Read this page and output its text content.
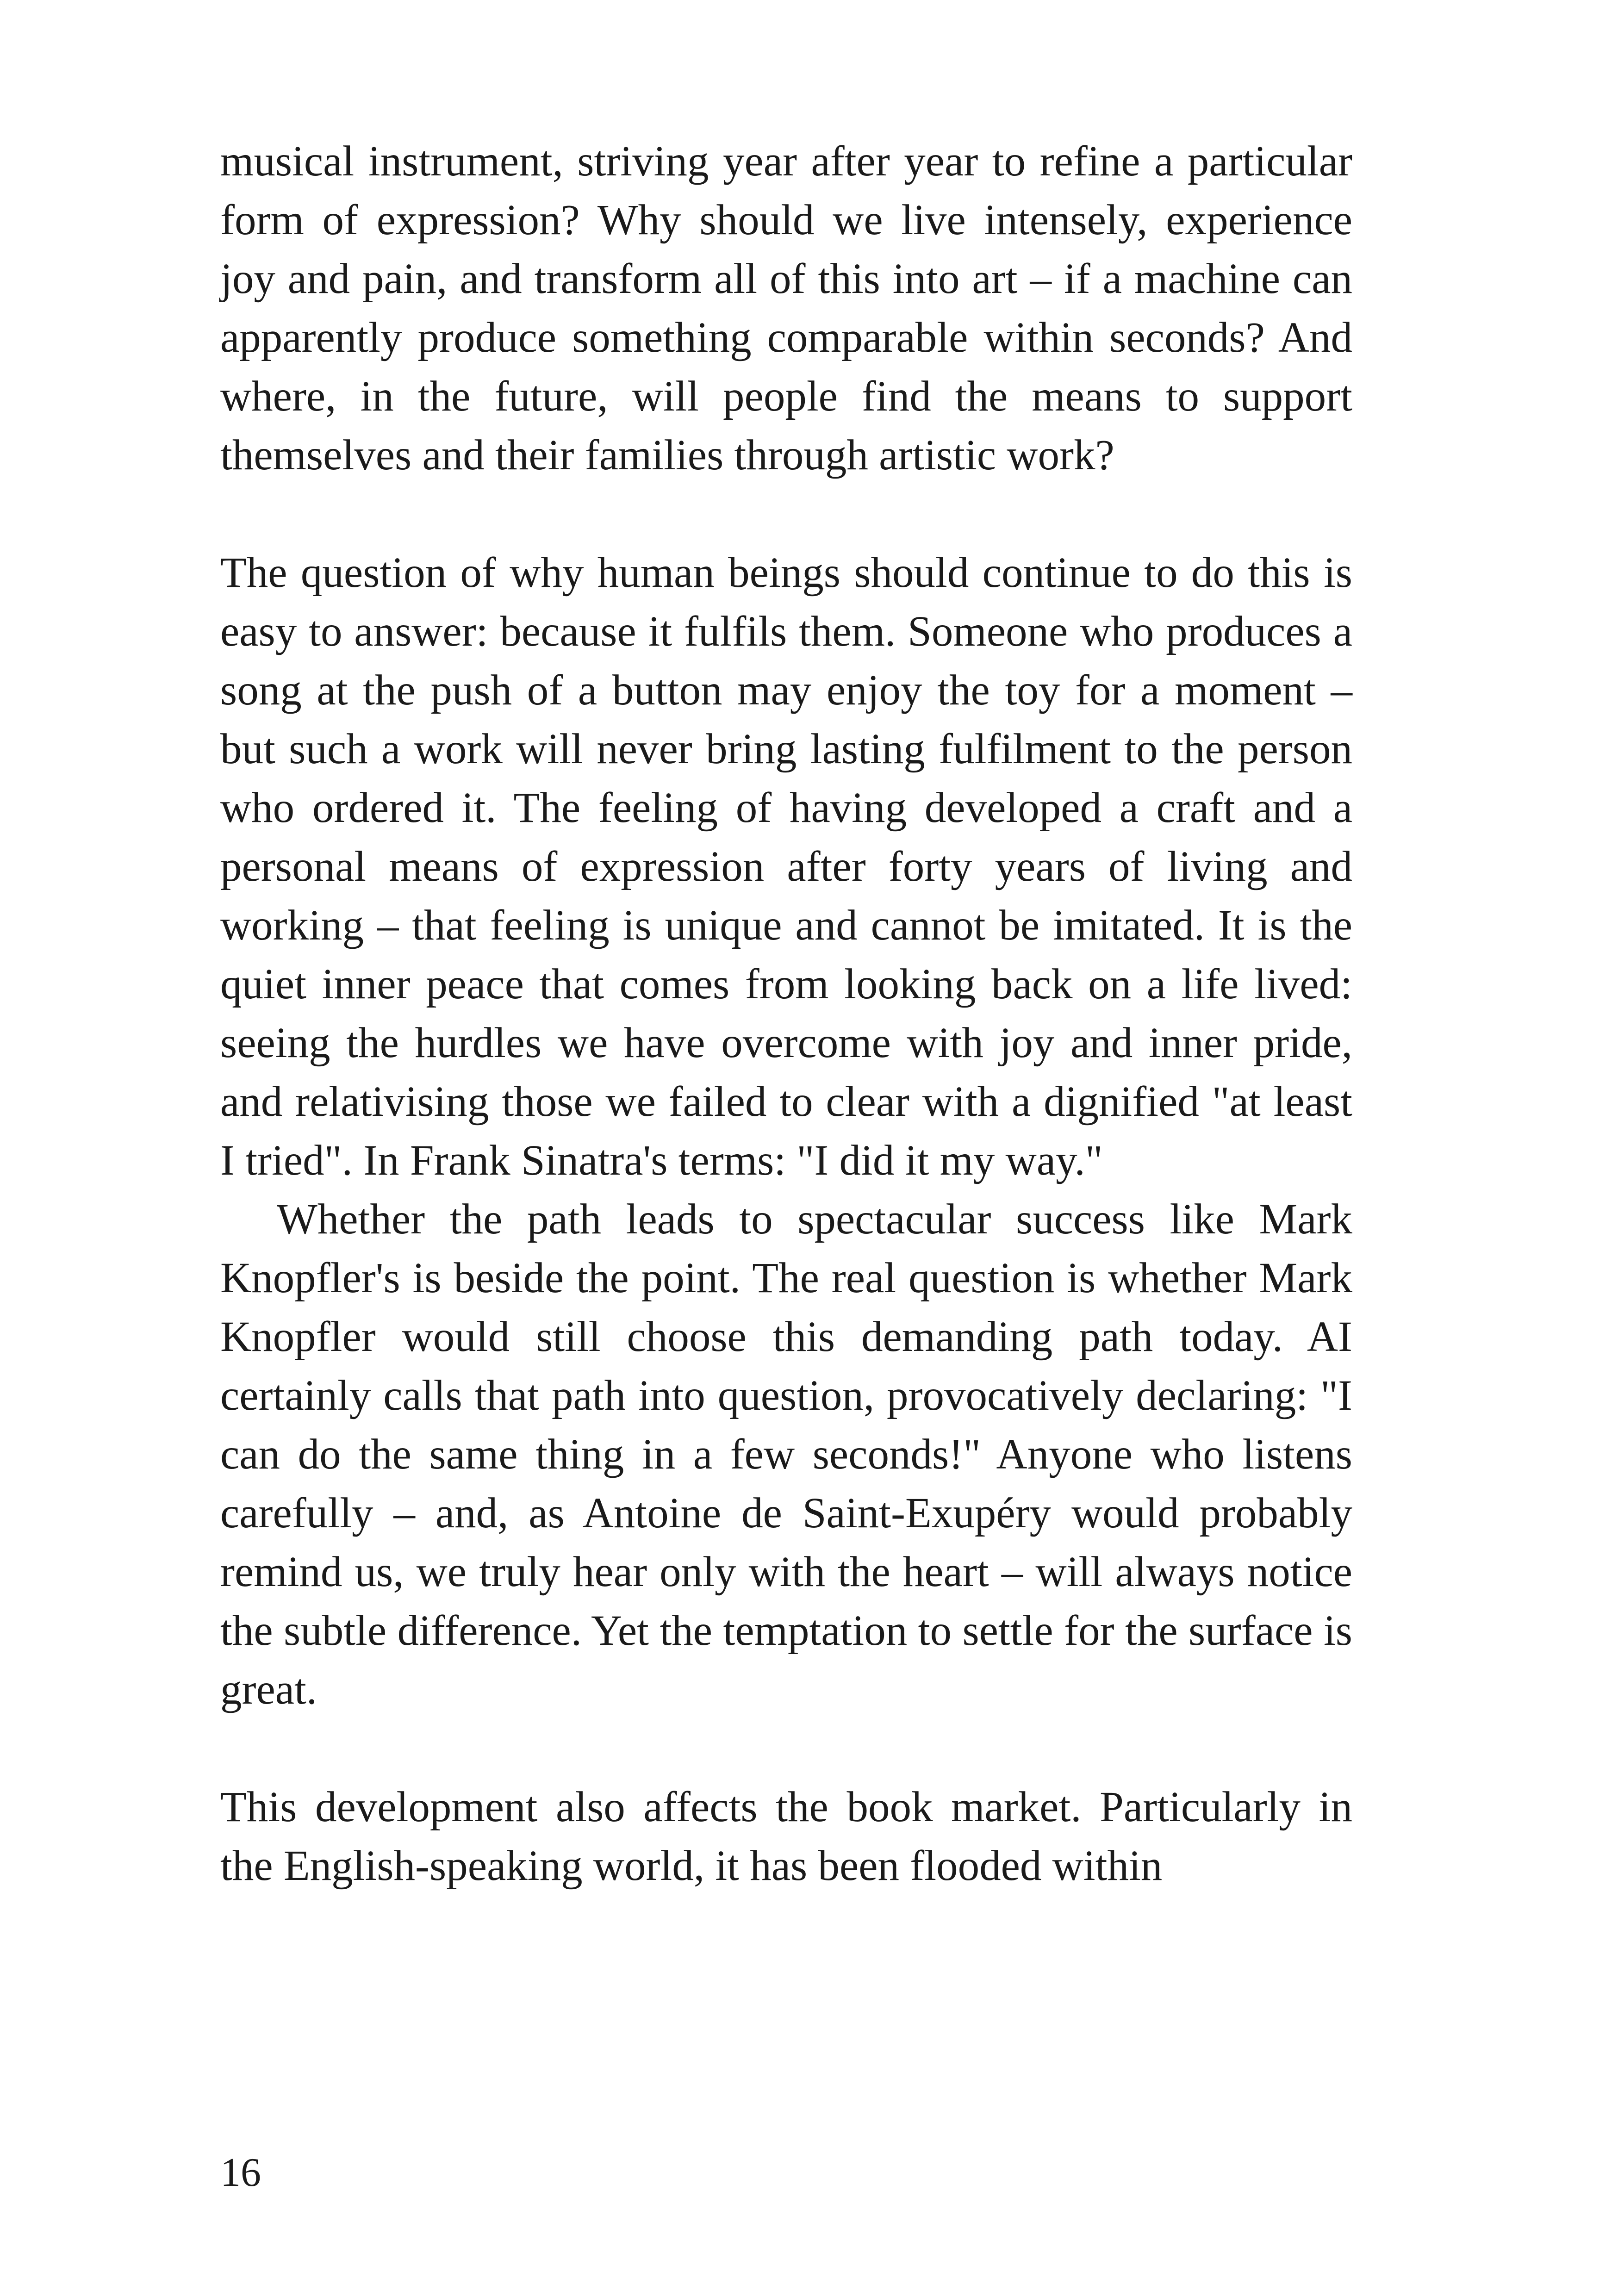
musical instrument, striving year after year to refine a particular form of expression? Why should we live intensely, experience joy and pain, and transform all of this into art – if a machine can apparently produce something comparable within seconds? And where, in the future, will people find the means to support themselves and their families through artistic work?

The question of why human beings should continue to do this is easy to answer: because it fulfils them. Someone who produces a song at the push of a button may enjoy the toy for a moment – but such a work will never bring lasting fulfilment to the person who ordered it. The feeling of having developed a craft and a personal means of expression after forty years of living and working – that feeling is unique and cannot be imitated. It is the quiet inner peace that comes from looking back on a life lived: seeing the hurdles we have overcome with joy and inner pride, and relativising those we failed to clear with a dignified "at least I tried". In Frank Sinatra's terms: "I did it my way."

Whether the path leads to spectacular success like Mark Knopfler's is beside the point. The real question is whether Mark Knopfler would still choose this demanding path today. AI certainly calls that path into question, provocatively declaring: "I can do the same thing in a few seconds!" Anyone who listens carefully – and, as Antoine de Saint-Exupéry would probably remind us, we truly hear only with the heart – will always notice the subtle difference. Yet the temptation to settle for the surface is great.

This development also affects the book market. Particularly in the English-speaking world, it has been flooded within

16
